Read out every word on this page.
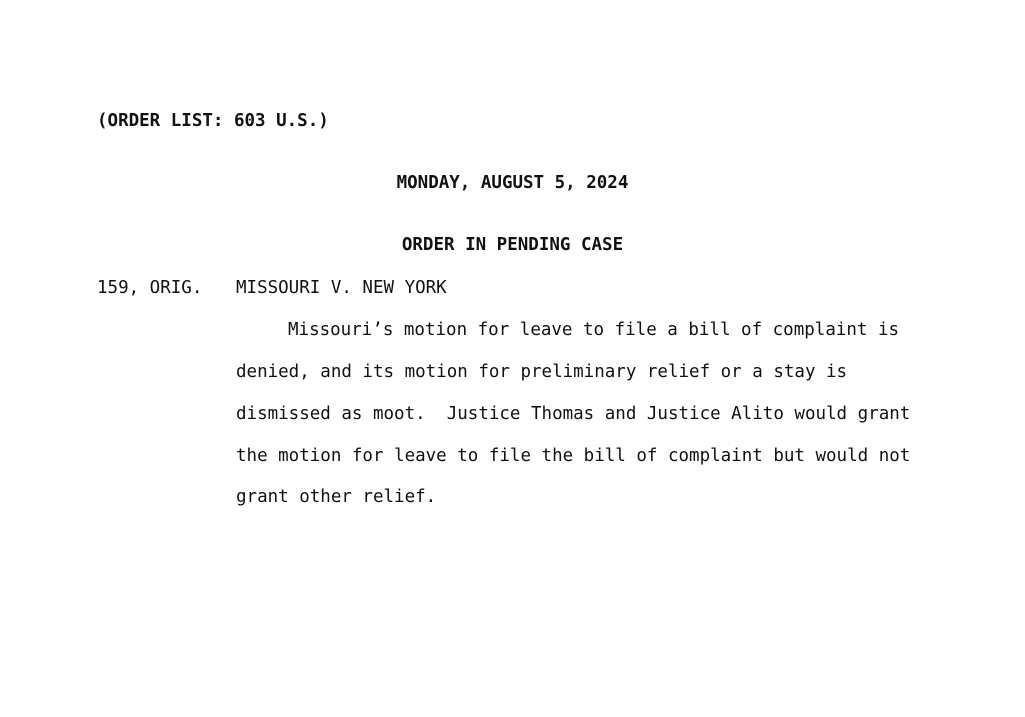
(ORDER LIST: 603 U.S.)
MONDAY, AUGUST 5, 2024
ORDER IN PENDING CASE
159, ORIG. MISSOURI V. NEW YORK
Missouri’s motion for leave to file a bill of complaint is
denied, and its motion for preliminary relief or a stay is
dismissed as moot.  Justice Thomas and Justice Alito would grant
the motion for leave to file the bill of complaint but would not
grant other relief.
